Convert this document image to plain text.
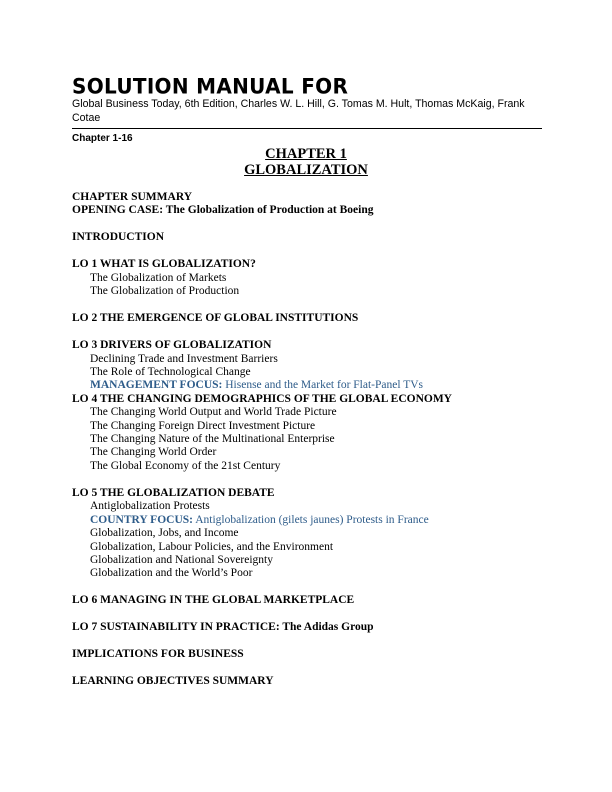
SOLUTION MANUAL FOR
Global Business Today, 6th Edition, Charles W. L. Hill, G. Tomas M. Hult, Thomas McKaig, Frank Cotae
Chapter 1-16
CHAPTER 1
GLOBALIZATION
CHAPTER SUMMARY
OPENING CASE: The Globalization of Production at Boeing
INTRODUCTION
LO 1 WHAT IS GLOBALIZATION?
The Globalization of Markets
The Globalization of Production
LO 2 THE EMERGENCE OF GLOBAL INSTITUTIONS
LO 3 DRIVERS OF GLOBALIZATION
Declining Trade and Investment Barriers
The Role of Technological Change
MANAGEMENT FOCUS: Hisense and the Market for Flat-Panel TVs
LO 4 THE CHANGING DEMOGRAPHICS OF THE GLOBAL ECONOMY
The Changing World Output and World Trade Picture
The Changing Foreign Direct Investment Picture
The Changing Nature of the Multinational Enterprise
The Changing World Order
The Global Economy of the 21st Century
LO 5 THE GLOBALIZATION DEBATE
Antiglobalization Protests
COUNTRY FOCUS: Antiglobalization (gilets jaunes) Protests in France
Globalization, Jobs, and Income
Globalization, Labour Policies, and the Environment
Globalization and National Sovereignty
Globalization and the World’s Poor
LO 6 MANAGING IN THE GLOBAL MARKETPLACE
LO 7 SUSTAINABILITY IN PRACTICE: The Adidas Group
IMPLICATIONS FOR BUSINESS
LEARNING OBJECTIVES SUMMARY
